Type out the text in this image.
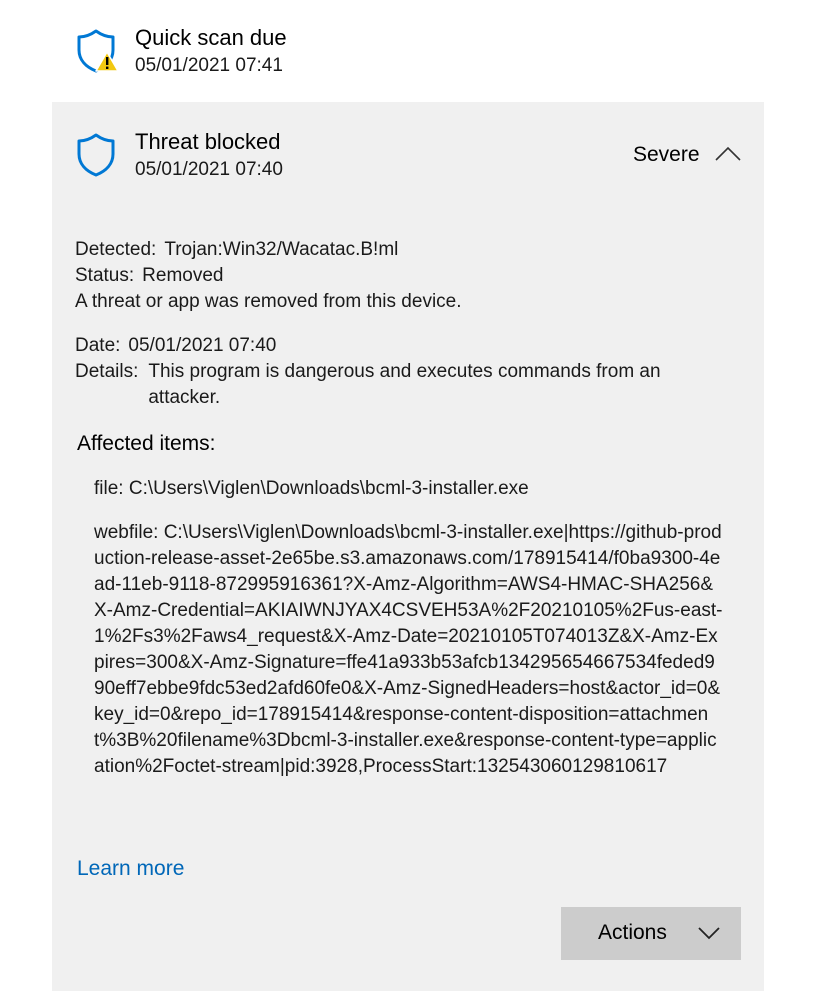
Quick scan due
05/01/2021 07:41
Threat blocked
05/01/2021 07:40
Severe
Detected: Trojan:Win32/Wacatac.B!ml
Status: Removed
A threat or app was removed from this device.
Date: 05/01/2021 07:40
Details: This program is dangerous and executes commands from an attacker.
Affected items:
file: C:\Users\Viglen\Downloads\bcml-3-installer.exe
webfile: C:\Users\Viglen\Downloads\bcml-3-installer.exe|https://github-production-release-asset-2e65be.s3.amazonaws.com/178915414/f0ba9300-4ead-11eb-9118-872995916361?X-Amz-Algorithm=AWS4-HMAC-SHA256&X-Amz-Credential=AKIAIWNJYAX4CSVEH53A%2F20210105%2Fus-east-1%2Fs3%2Faws4_request&X-Amz-Date=20210105T074013Z&X-Amz-Expires=300&X-Amz-Signature=ffe41a933b53afcb134295654667534feded990eff7ebbe9fdc53ed2afd60fe0&X-Amz-SignedHeaders=host&actor_id=0&key_id=0&repo_id=178915414&response-content-disposition=attachment%3B%20filename%3Dbcml-3-installer.exe&response-content-type=application%2Foctet-stream|pid:3928,ProcessStart:132543060129810617
Learn more
Actions
